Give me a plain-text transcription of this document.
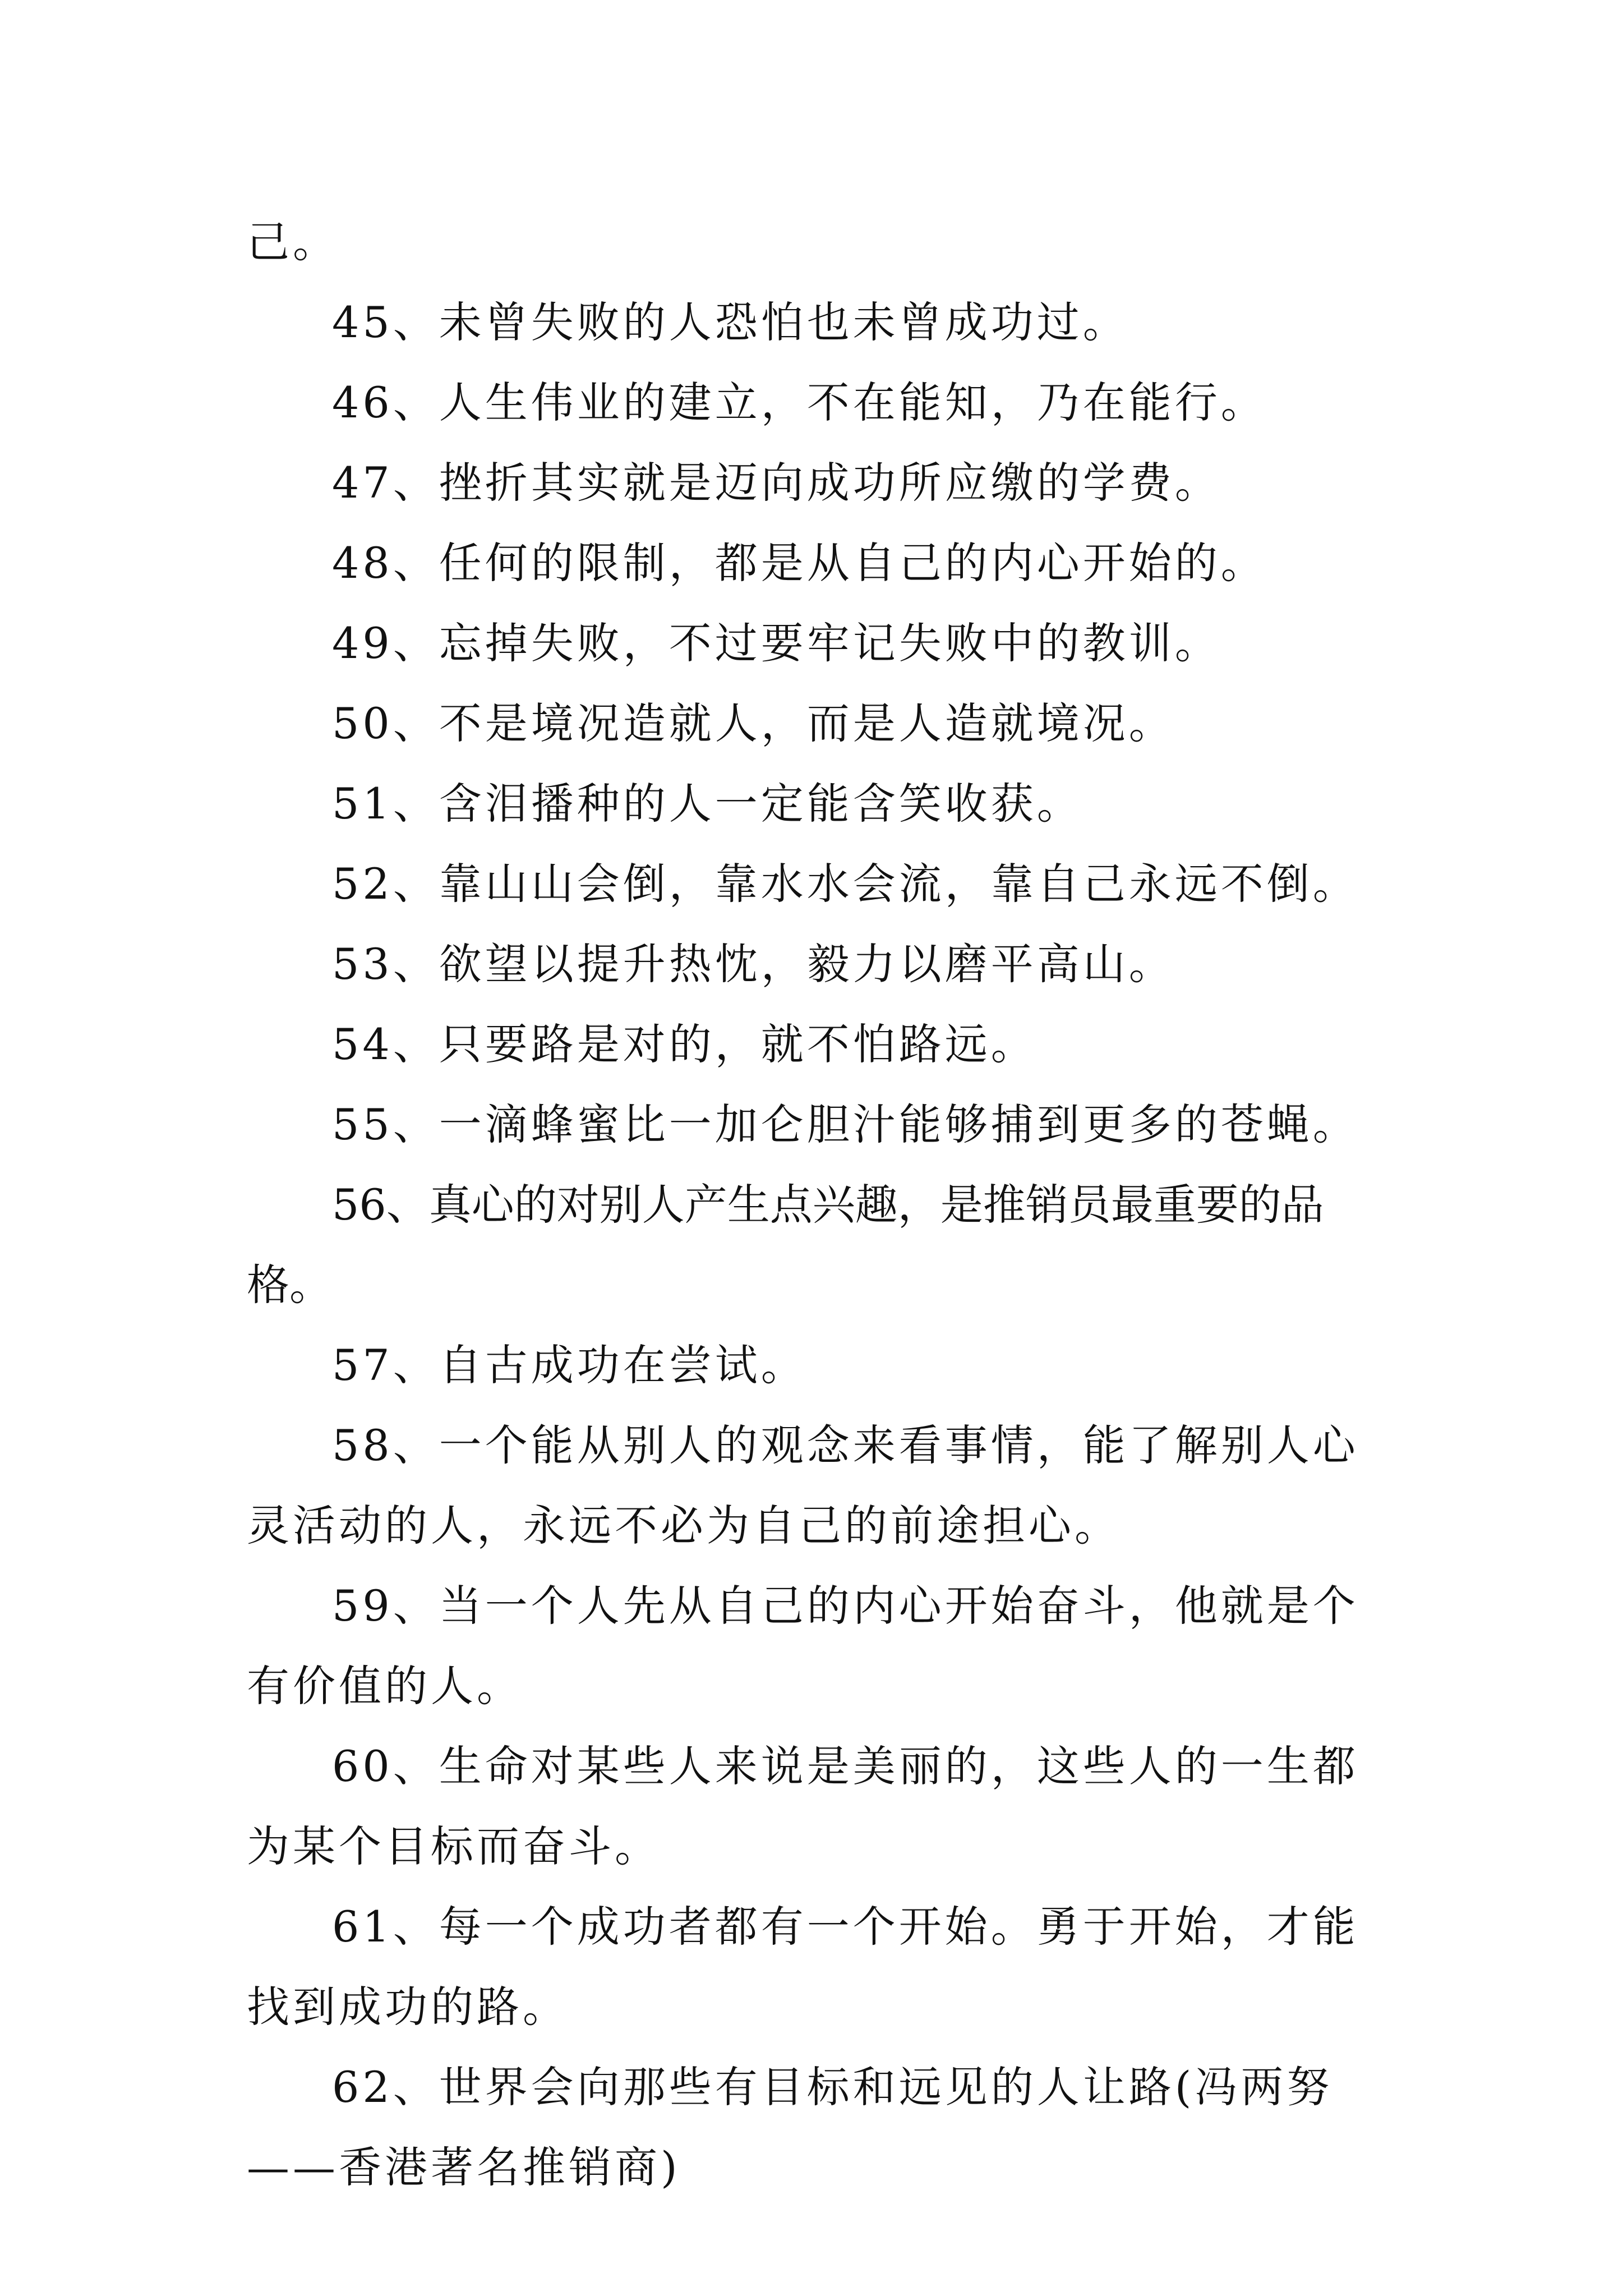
己。

45、未曾失败的人恐怕也未曾成功过。

46、人生伟业的建立，不在能知，乃在能行。

47、挫折其实就是迈向成功所应缴的学费。

48、任何的限制，都是从自己的内心开始的。

49、忘掉失败，不过要牢记失败中的教训。

50、不是境况造就人，而是人造就境况。

51、含泪播种的人一定能含笑收获。

52、靠山山会倒，靠水水会流，靠自己永远不倒。

53、欲望以提升热忱，毅力以磨平高山。

54、只要路是对的，就不怕路远。

55、一滴蜂蜜比一加仑胆汁能够捕到更多的苍蝇。

56、真心的对别人产生点兴趣，是推销员最重要的品格。

57、自古成功在尝试。

58、一个能从别人的观念来看事情，能了解别人心灵活动的人，永远不必为自己的前途担心。

59、当一个人先从自己的内心开始奋斗，他就是个有价值的人。

60、生命对某些人来说是美丽的，这些人的一生都为某个目标而奋斗。

61、每一个成功者都有一个开始。勇于开始，才能找到成功的路。

62、世界会向那些有目标和远见的人让路(冯两努——香港著名推销商)
